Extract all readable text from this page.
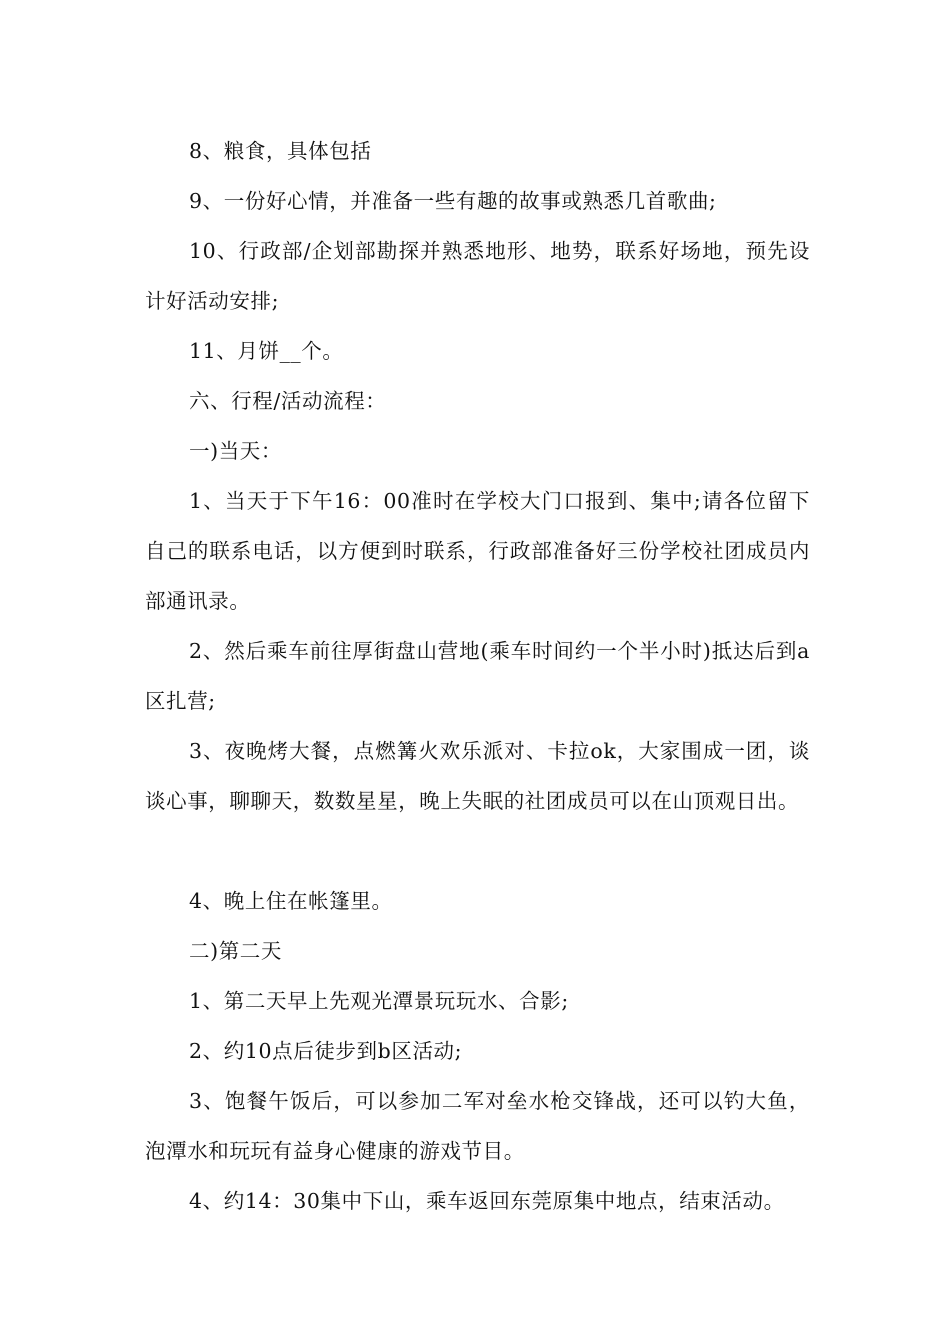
8、粮食，具体包括

9、一份好心情，并准备一些有趣的故事或熟悉几首歌曲;

10、行政部/企划部勘探并熟悉地形、地势，联系好场地，预先设计好活动安排;

11、月饼__个。

六、行程/活动流程：

一)当天：

1、当天于下午16：00准时在学校大门口报到、集中;请各位留下自己的联系电话，以方便到时联系，行政部准备好三份学校社团成员内部通讯录。

2、然后乘车前往厚街盘山营地(乘车时间约一个半小时)抵达后到a区扎营;

3、夜晚烤大餐，点燃篝火欢乐派对、卡拉ok，大家围成一团，谈谈心事，聊聊天，数数星星，晚上失眠的社团成员可以在山顶观日出。

4、晚上住在帐篷里。

二)第二天

1、第二天早上先观光潭景玩玩水、合影;

2、约10点后徒步到b区活动;

3、饱餐午饭后，可以参加二军对垒水枪交锋战，还可以钓大鱼，泡潭水和玩玩有益身心健康的游戏节目。

4、约14：30集中下山，乘车返回东莞原集中地点，结束活动。
